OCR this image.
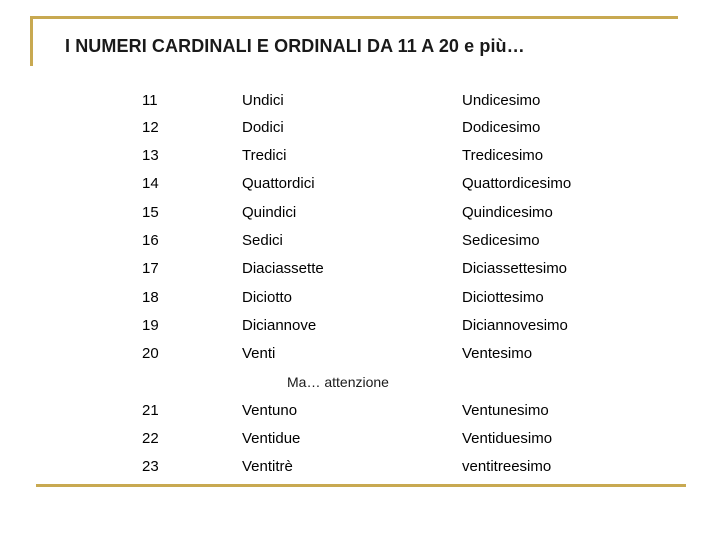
I NUMERI CARDINALI E ORDINALI DA 11 A 20 e più…
11	Undici	Undicesimo
12	Dodici	Dodicesimo
13	Tredici	Tredicesimo
14	Quattordici	Quattordicesimo
15	Quindici	Quindicesimo
16	Sedici	Sedicesimo
17	Diaciassette	Diciassettesimo
18	Diciotto	Diciottesimo
19	Diciannove	Diciannovesimo
20	Venti	Ventesimo
Ma… attenzione
21	Ventuno	Ventunesimo
22	Ventidue	Ventiduesimo
23	Ventitrè	ventitreesimo
